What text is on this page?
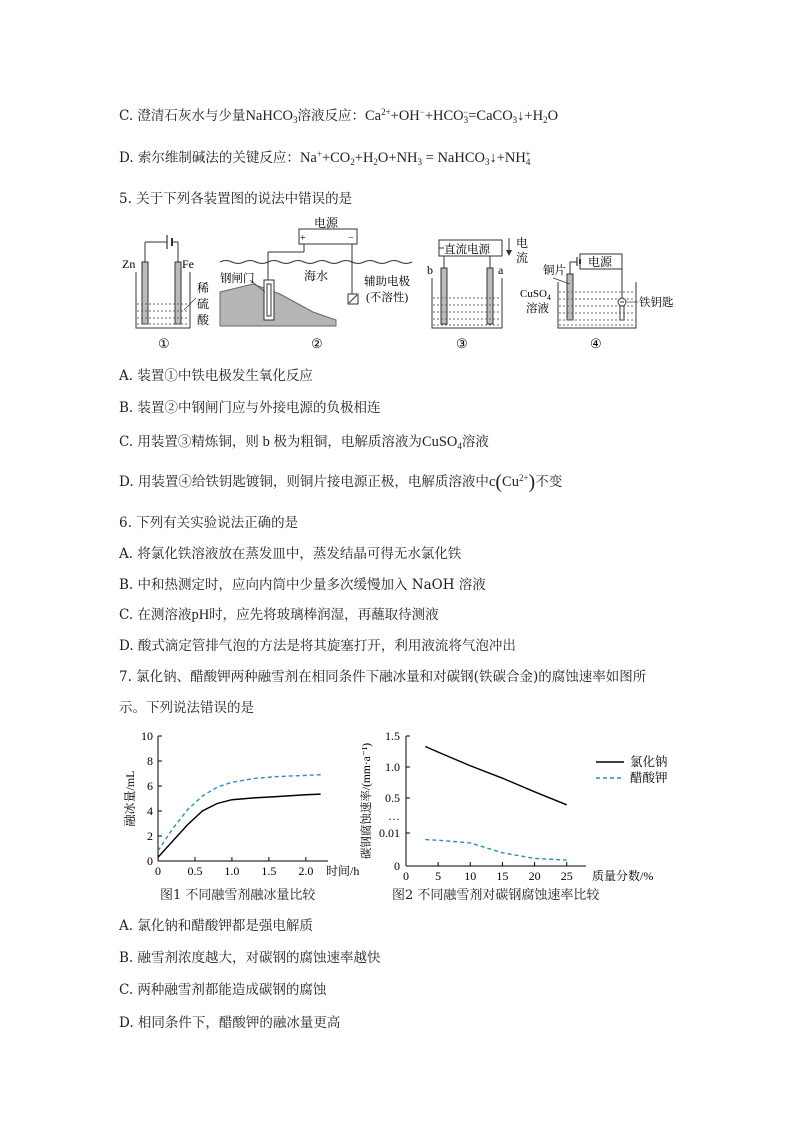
C. 澄清石灰水与少量NaHCO$_3$溶液反应：$Ca^{2+}+OH^-+HCO_3^-=CaCO_3↓+H_2O$
D. 索尔维制碱法的关键反应：$Na^++CO_2+H_2O+NH_3$ = $NaHCO_3↓+NH_4^+$
5. 关于下列各装置图的说法中错误的是
Zn	Fe
稀
硫
酸
①
电源
+	−
钢闸门	海水	辅助电极
(不溶性)
②
直流电源 电
流
b	a
③
电源
铜片
CuSO$_4$
溶液	铁钥匙
④
A. 装置①中铁电极发生氧化反应
B. 装置②中钢闸门应与外接电源的负极相连
C. 用装置③精炼铜，则 b 极为粗铜，电解质溶液为CuSO$_4$溶液
D. 用装置④给铁钥匙镀铜，则铜片接电源正极，电解质溶液中$c(Cu^{2+})$不变
6. 下列有关实验说法正确的是
A. 将氯化铁溶液放在蒸发皿中，蒸发结晶可得无水氯化铁
B. 中和热测定时，应向内筒中少量多次缓慢加入 NaOH 溶液
C. 在测溶液pH时，应先将玻璃棒润湿，再蘸取待测液
D. 酸式滴定管排气泡的方法是将其旋塞打开，利用液流将气泡冲出
7. 氯化钠、醋酸钾两种融雪剂在相同条件下融冰量和对碳钢(铁碳合金)的腐蚀速率如图所
示。下列说法错误的是
0
2
4
6
8
10
0 0.5 1.0 1.5 2.0 时间/h
融冰量/mL
图1 不同融雪剂融冰量比较
0
0.01
…
0.5
1.0
1.5
0 5 10 15 20 25 质量分数/%
碳钢腐蚀速率/(mm·a⁻¹)	氯化钠
醋酸钾
图2 不同融雪剂对碳钢腐蚀速率比较
A. 氯化钠和醋酸钾都是强电解质
B. 融雪剂浓度越大，对碳钢的腐蚀速率越快
C. 两种融雪剂都能造成碳钢的腐蚀
D. 相同条件下，醋酸钾的融冰量更高
